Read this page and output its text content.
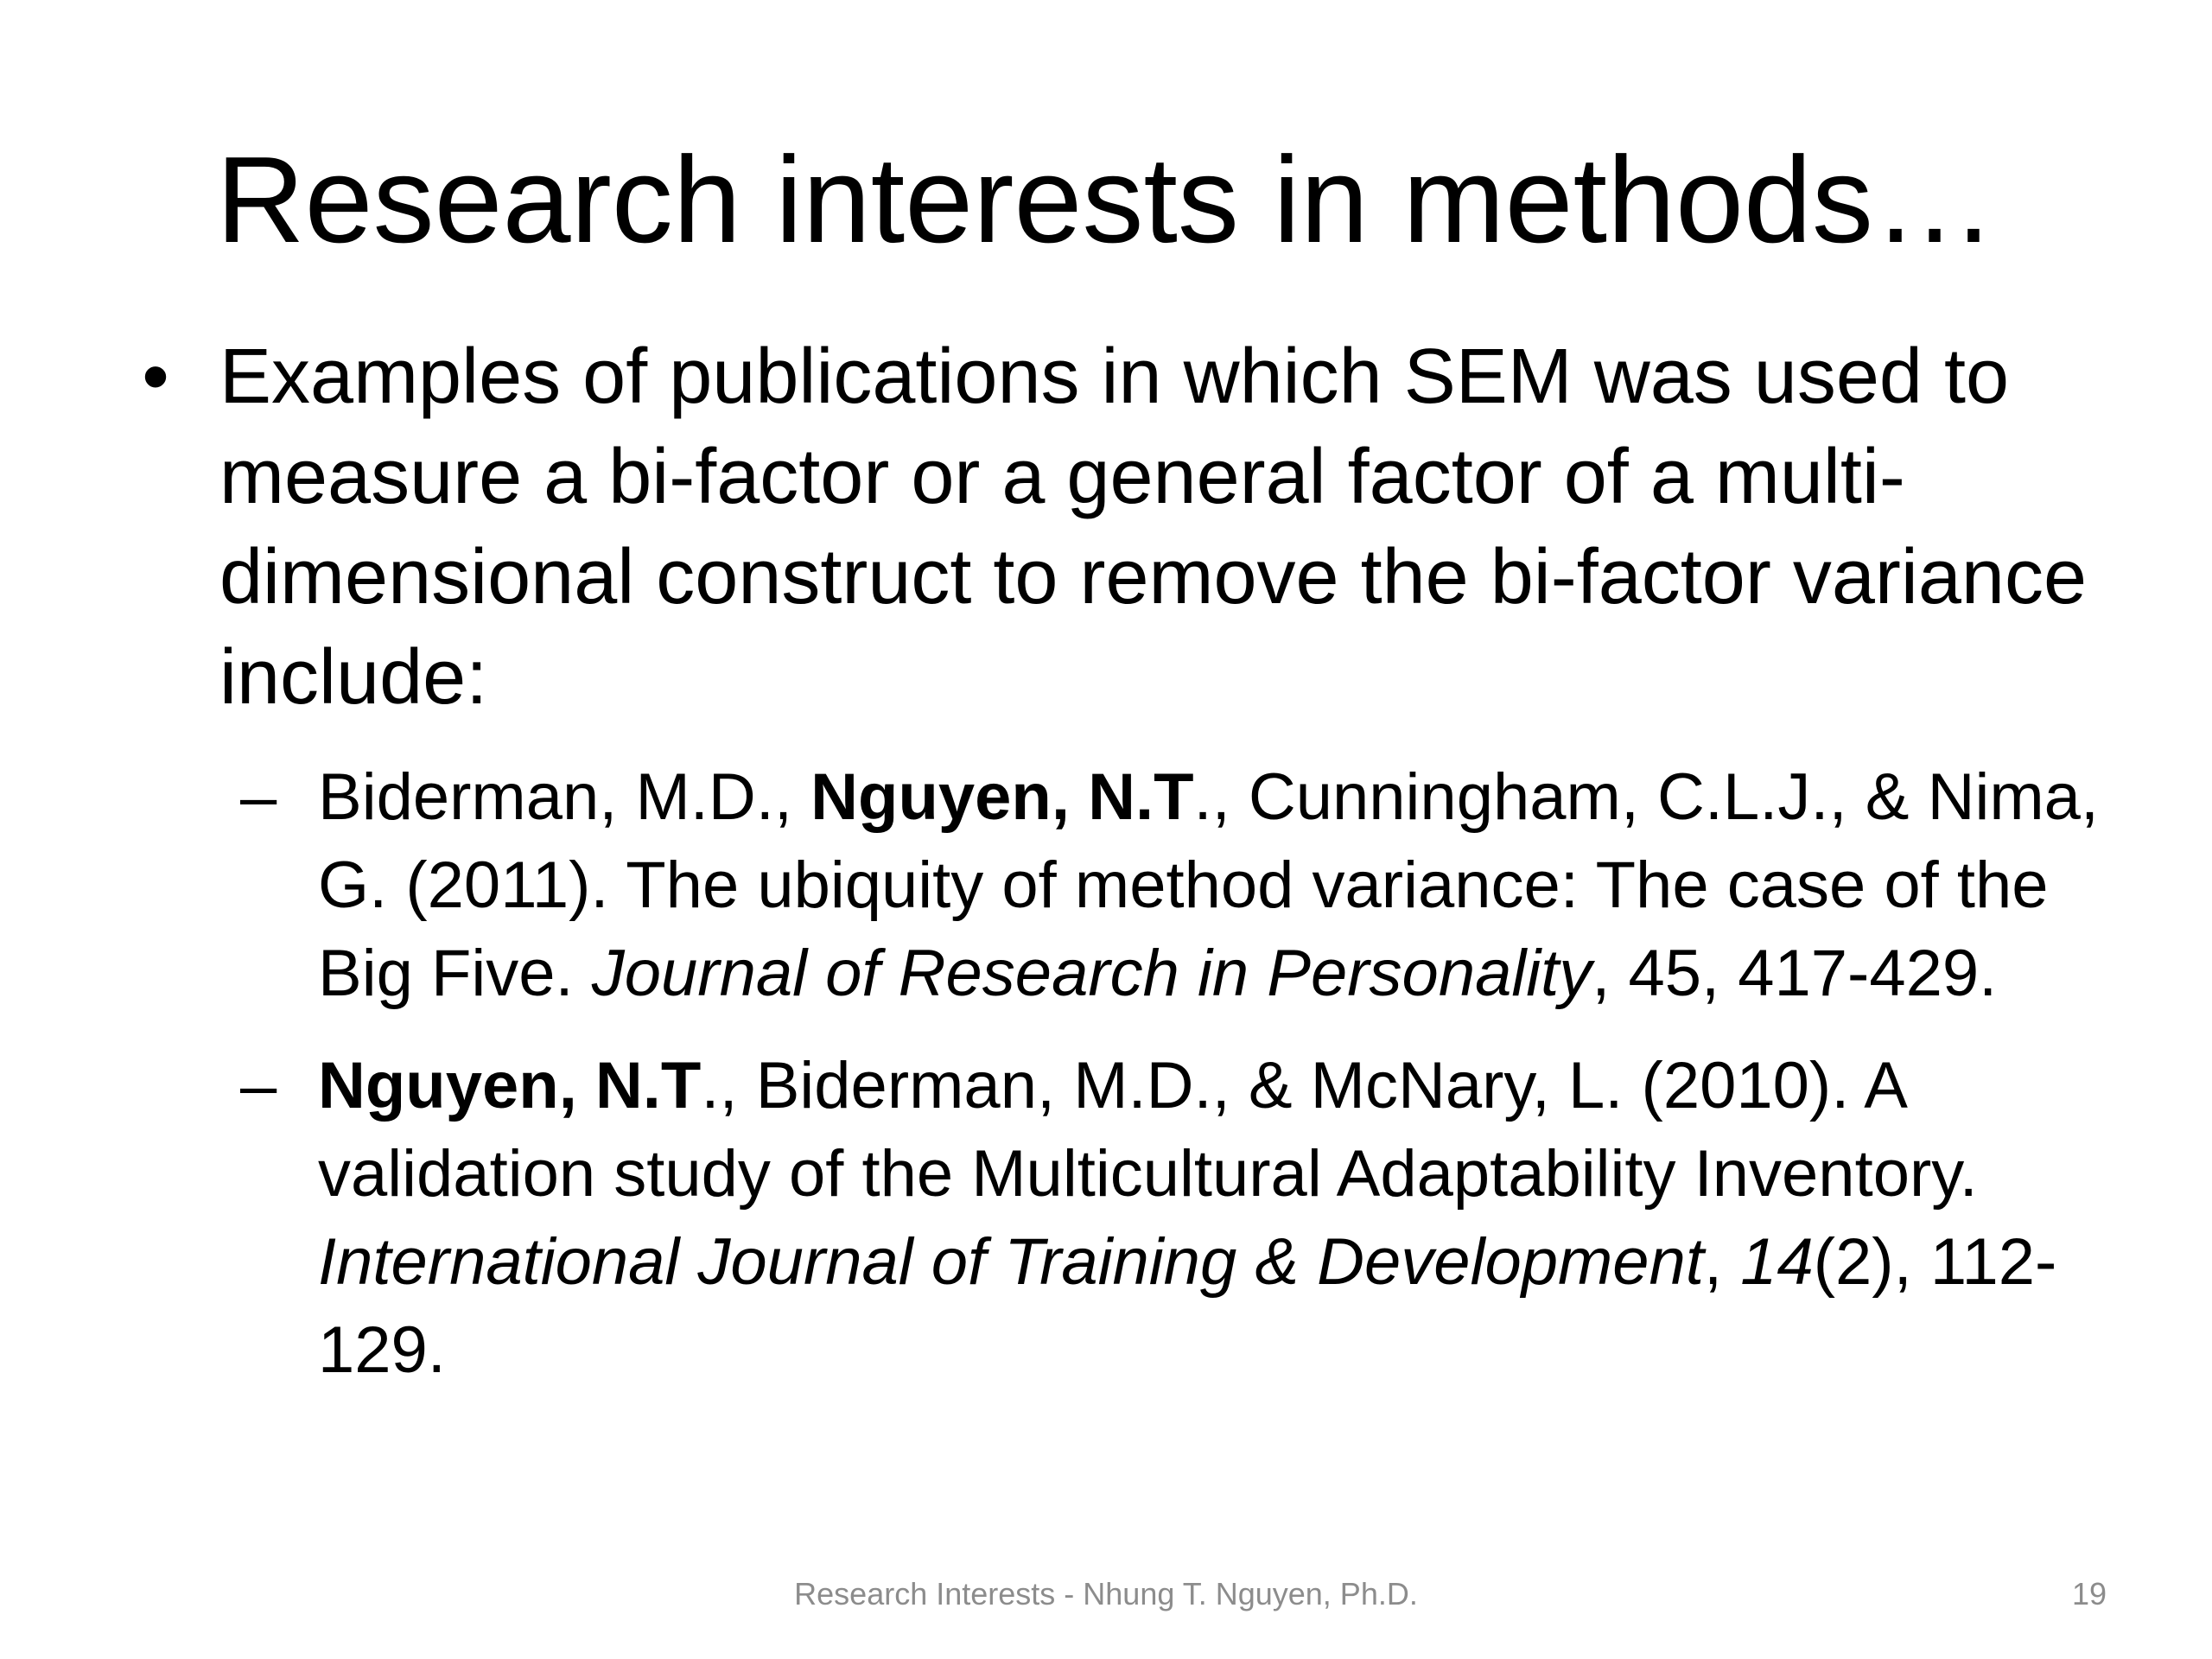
Research interests in methods…
• Examples of publications in which SEM was used to measure a bi-factor or a general factor of a multi-dimensional construct to remove the bi-factor variance include:
– Biderman, M.D., Nguyen, N.T., Cunningham, C.L.J., & Nima, G. (2011). The ubiquity of method variance: The case of the Big Five. Journal of Research in Personality, 45, 417-429.
– Nguyen, N.T., Biderman, M.D., & McNary, L. (2010). A validation study of the Multicultural Adaptability Inventory. International Journal of Training & Development, 14(2), 112-129.
Research Interests - Nhung T. Nguyen, Ph.D.	19
